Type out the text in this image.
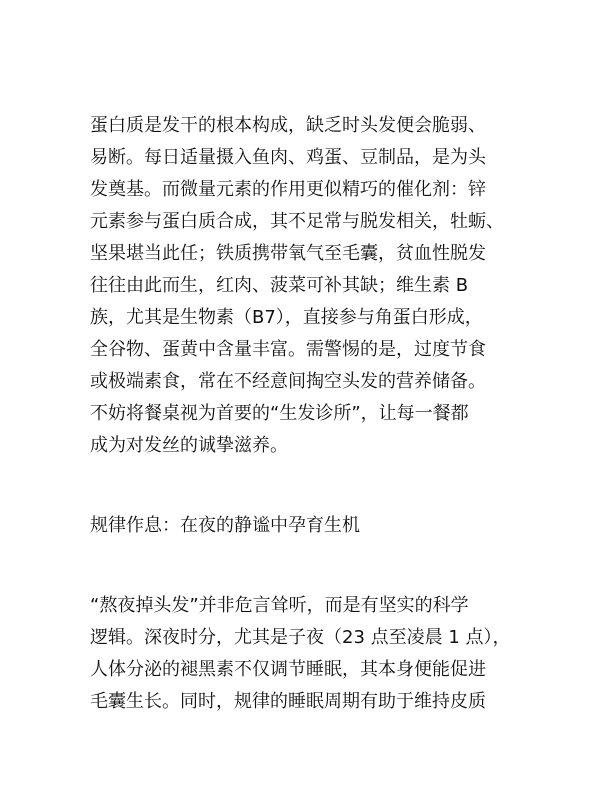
蛋白质是发干的根本构成，缺乏时头发便会脆弱、
易断。每日适量摄入鱼肉、鸡蛋、豆制品，是为头
发奠基。而微量元素的作用更似精巧的催化剂：锌
元素参与蛋白质合成，其不足常与脱发相关，牡蛎、
坚果堪当此任；铁质携带氧气至毛囊，贫血性脱发
往往由此而生，红肉、菠菜可补其缺；维生素 B
族，尤其是生物素（B7），直接参与角蛋白形成，
全谷物、蛋黄中含量丰富。需警惕的是，过度节食
或极端素食，常在不经意间掏空头发的营养储备。
不妨将餐桌视为首要的“生发诊所”，让每一餐都
成为对发丝的诚挚滋养。
规律作息：在夜的静谧中孕育生机
“熬夜掉头发”并非危言耸听，而是有坚实的科学
逻辑。深夜时分，尤其是子夜（23 点至凌晨 1 点），
人体分泌的褪黑素不仅调节睡眠，其本身便能促进
毛囊生长。同时，规律的睡眠周期有助于维持皮质
